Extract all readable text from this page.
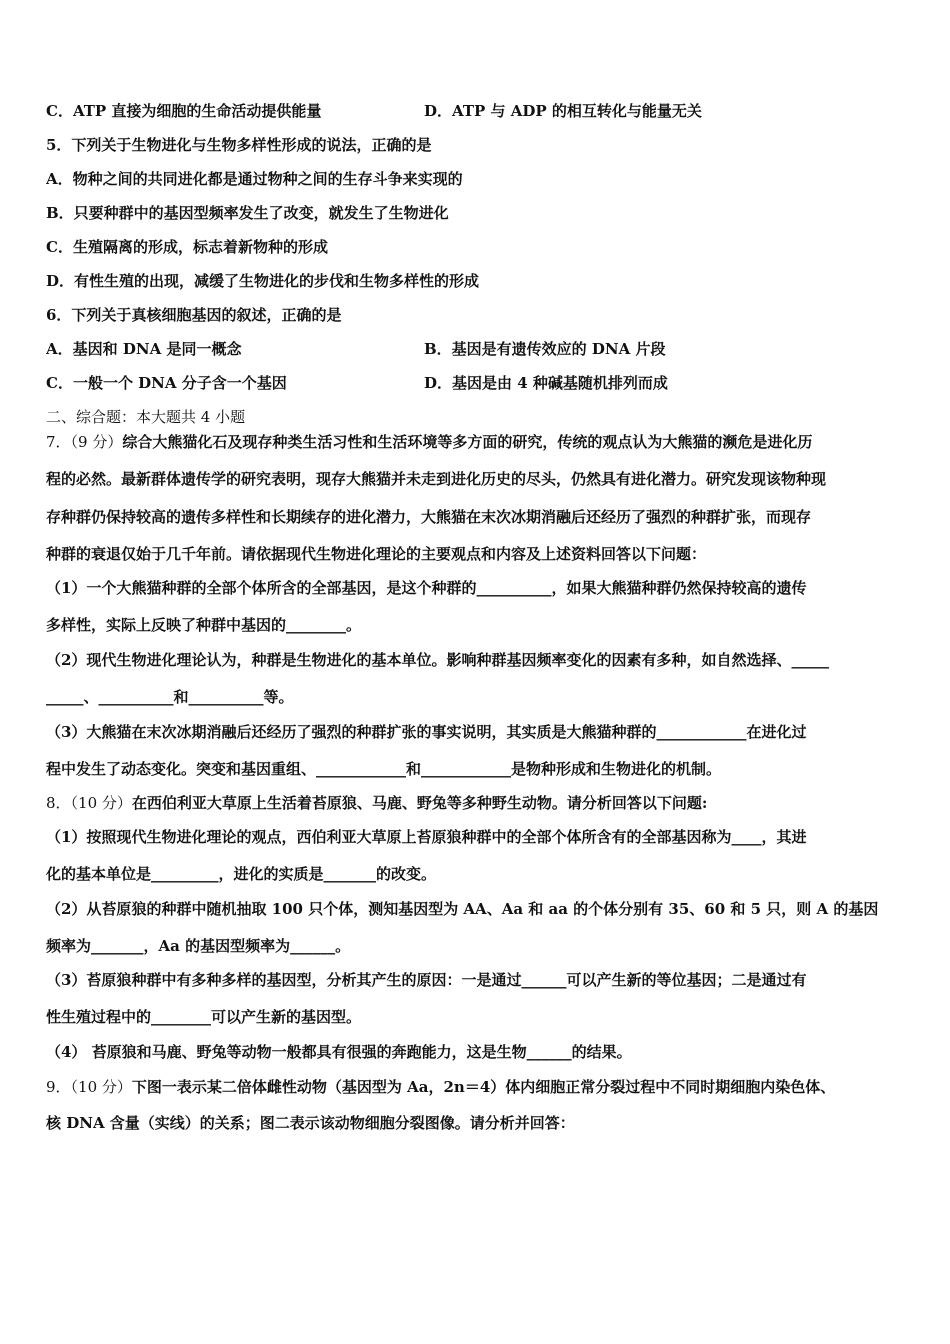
C．ATP 直接为细胞的生命活动提供能量	D．ATP 与 ADP 的相互转化与能量无关
5．下列关于生物进化与生物多样性形成的说法，正确的是
A．物种之间的共同进化都是通过物种之间的生存斗争来实现的
B．只要种群中的基因型频率发生了改变，就发生了生物进化
C．生殖隔离的形成，标志着新物种的形成
D．有性生殖的出现，减缓了生物进化的步伐和生物多样性的形成
6．下列关于真核细胞基因的叙述，正确的是
A．基因和 DNA 是同一概念	B．基因是有遗传效应的 DNA 片段
C．一般一个 DNA 分子含一个基因	D．基因是由 4 种碱基随机排列而成
二、综合题：本大题共 4 小题
7．（9 分）综合大熊猫化石及现存种类生活习性和生活环境等多方面的研究，传统的观点认为大熊猫的濒危是进化历
程的必然。最新群体遗传学的研究表明，现存大熊猫并未走到进化历史的尽头，仍然具有进化潜力。研究发现该物种现
存种群仍保持较高的遗传多样性和长期续存的进化潜力，大熊猫在末次冰期消融后还经历了强烈的种群扩张，而现存
种群的衰退仅始于几千年前。请依据现代生物进化理论的主要观点和内容及上述资料回答以下问题：
（1）一个大熊猫种群的全部个体所含的全部基因，是这个种群的__________，如果大熊猫种群仍然保持较高的遗传
多样性，实际上反映了种群中基因的________。
（2）现代生物进化理论认为，种群是生物进化的基本单位。影响种群基因频率变化的因素有多种，如自然选择、_____
_____、__________和__________等。
（3）大熊猫在末次冰期消融后还经历了强烈的种群扩张的事实说明，其实质是大熊猫种群的____________在进化过
程中发生了动态变化。突变和基因重组、____________和____________是物种形成和生物进化的机制。
8．（10 分）在西伯利亚大草原上生活着苔原狼、马鹿、野兔等多种野生动物。请分析回答以下问题:
（1）按照现代生物进化理论的观点，西伯利亚大草原上苔原狼种群中的全部个体所含有的全部基因称为____，其进
化的基本单位是_________，进化的实质是_______的改变。
（2）从苔原狼的种群中随机抽取 100 只个体，测知基因型为 AA、Aa 和 aa 的个体分别有 35、60 和 5 只，则 A 的基因
频率为_______，Aa 的基因型频率为______。
（3）苔原狼种群中有多种多样的基因型，分析其产生的原因：一是通过______可以产生新的等位基因；二是通过有
性生殖过程中的________可以产生新的基因型。
（4） 苔原狼和马鹿、野兔等动物一般都具有很强的奔跑能力，这是生物______的结果。
9．（10 分）下图一表示某二倍体雌性动物（基因型为 Aa，2n＝4）体内细胞正常分裂过程中不同时期细胞内染色体、
核 DNA 含量（实线）的关系；图二表示该动物细胞分裂图像。请分析并回答：
